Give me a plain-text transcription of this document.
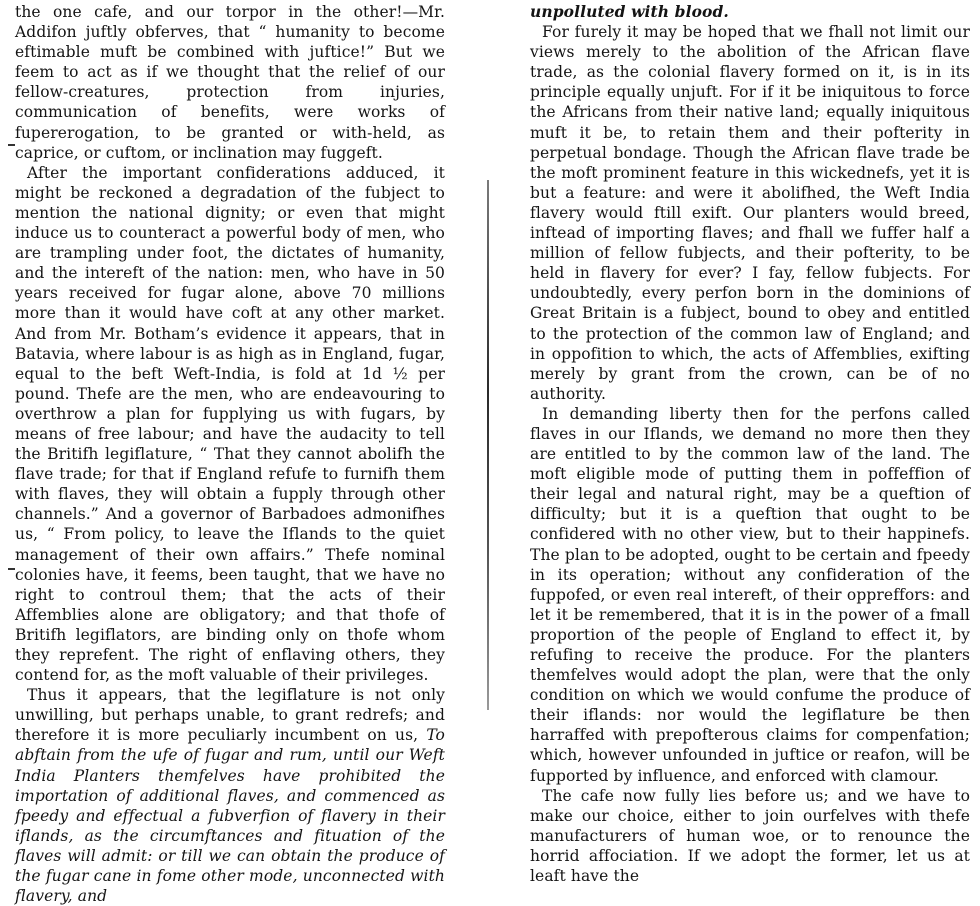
the one cafe, and our torpor in the other!—Mr. Addifon juftly obferves, that “ humanity to become eftimable muft be combined with juftice!” But we feem to act as if we thought that the relief of our fellow-creatures, protection from injuries, communication of benefits, were works of fupererogation, to be granted or with-held, as caprice, or cuftom, or inclination may fuggeft.

After the important confiderations adduced, it might be reckoned a degradation of the fubject to mention the national dignity; or even that might induce us to counteract a powerful body of men, who are trampling under foot, the dictates of humanity, and the intereft of the nation: men, who have in 50 years received for fugar alone, above 70 millions more than it would have coft at any other market. And from Mr. Botham’s evidence it appears, that in Batavia, where labour is as high as in England, fugar, equal to the beft Weft-India, is fold at 1d ½ per pound. Thefe are the men, who are endeavouring to overthrow a plan for fupplying us with fugars, by means of free labour; and have the audacity to tell the Britifh legiflature, “ That they cannot abolifh the flave trade; for that if England refufe to furnifh them with flaves, they will obtain a fupply through other channels.” And a governor of Barbadoes admonifhes us, “ From policy, to leave the Iflands to the quiet management of their own affairs.” Thefe nominal colonies have, it feems, been taught, that we have no right to controul them; that the acts of their Affemblies alone are obligatory; and that thofe of Britifh legiflators, are binding only on thofe whom they reprefent. The right of enflaving others, they contend for, as the moft valuable of their privileges.

Thus it appears, that the legiflature is not only unwilling, but perhaps unable, to grant redrefs; and therefore it is more peculiarly incumbent on us, To abftain from the ufe of fugar and rum, until our Weft India Planters themfelves have prohibited the importation of additional flaves, and commenced as fpeedy and effectual a fubverfion of flavery in their iflands, as the circumftances and fituation of the flaves will admit: or till we can obtain the produce of the fugar cane in fome other mode, unconnected with flavery, and

unpolluted with blood.

For furely it may be hoped that we fhall not limit our views merely to the abolition of the African flave trade, as the colonial flavery formed on it, is in its principle equally unjuft. For if it be iniquitous to force the Africans from their native land; equally iniquitous muft it be, to retain them and their pofterity in perpetual bondage. Though the African flave trade be the moft prominent feature in this wickednefs, yet it is but a feature: and were it abolifhed, the Weft India flavery would ftill exift. Our planters would breed, inftead of importing flaves; and fhall we fuffer half a million of fellow fubjects, and their pofterity, to be held in flavery for ever? I fay, fellow fubjects. For undoubtedly, every perfon born in the dominions of Great Britain is a fubject, bound to obey and entitled to the protection of the common law of England; and in oppofition to which, the acts of Affemblies, exifting merely by grant from the crown, can be of no authority.

In demanding liberty then for the perfons called flaves in our Iflands, we demand no more then they are entitled to by the common law of the land. The moft eligible mode of putting them in poffeffion of their legal and natural right, may be a queftion of difficulty; but it is a queftion that ought to be confidered with no other view, but to their happinefs. The plan to be adopted, ought to be certain and fpeedy in its operation; without any confideration of the fuppofed, or even real intereft, of their oppreffors: and let it be remembered, that it is in the power of a fmall proportion of the people of England to effect it, by refufing to receive the produce. For the planters themfelves would adopt the plan, were that the only condition on which we would confume the produce of their iflands: nor would the legiflature be then harraffed with prepofterous claims for compenfation; which, however unfounded in juftice or reafon, will be fupported by influence, and enforced with clamour.

The cafe now fully lies before us; and we have to make our choice, either to join ourfelves with thefe manufacturers of human woe, or to renounce the horrid affociation. If we adopt the former, let us at leaft have the
